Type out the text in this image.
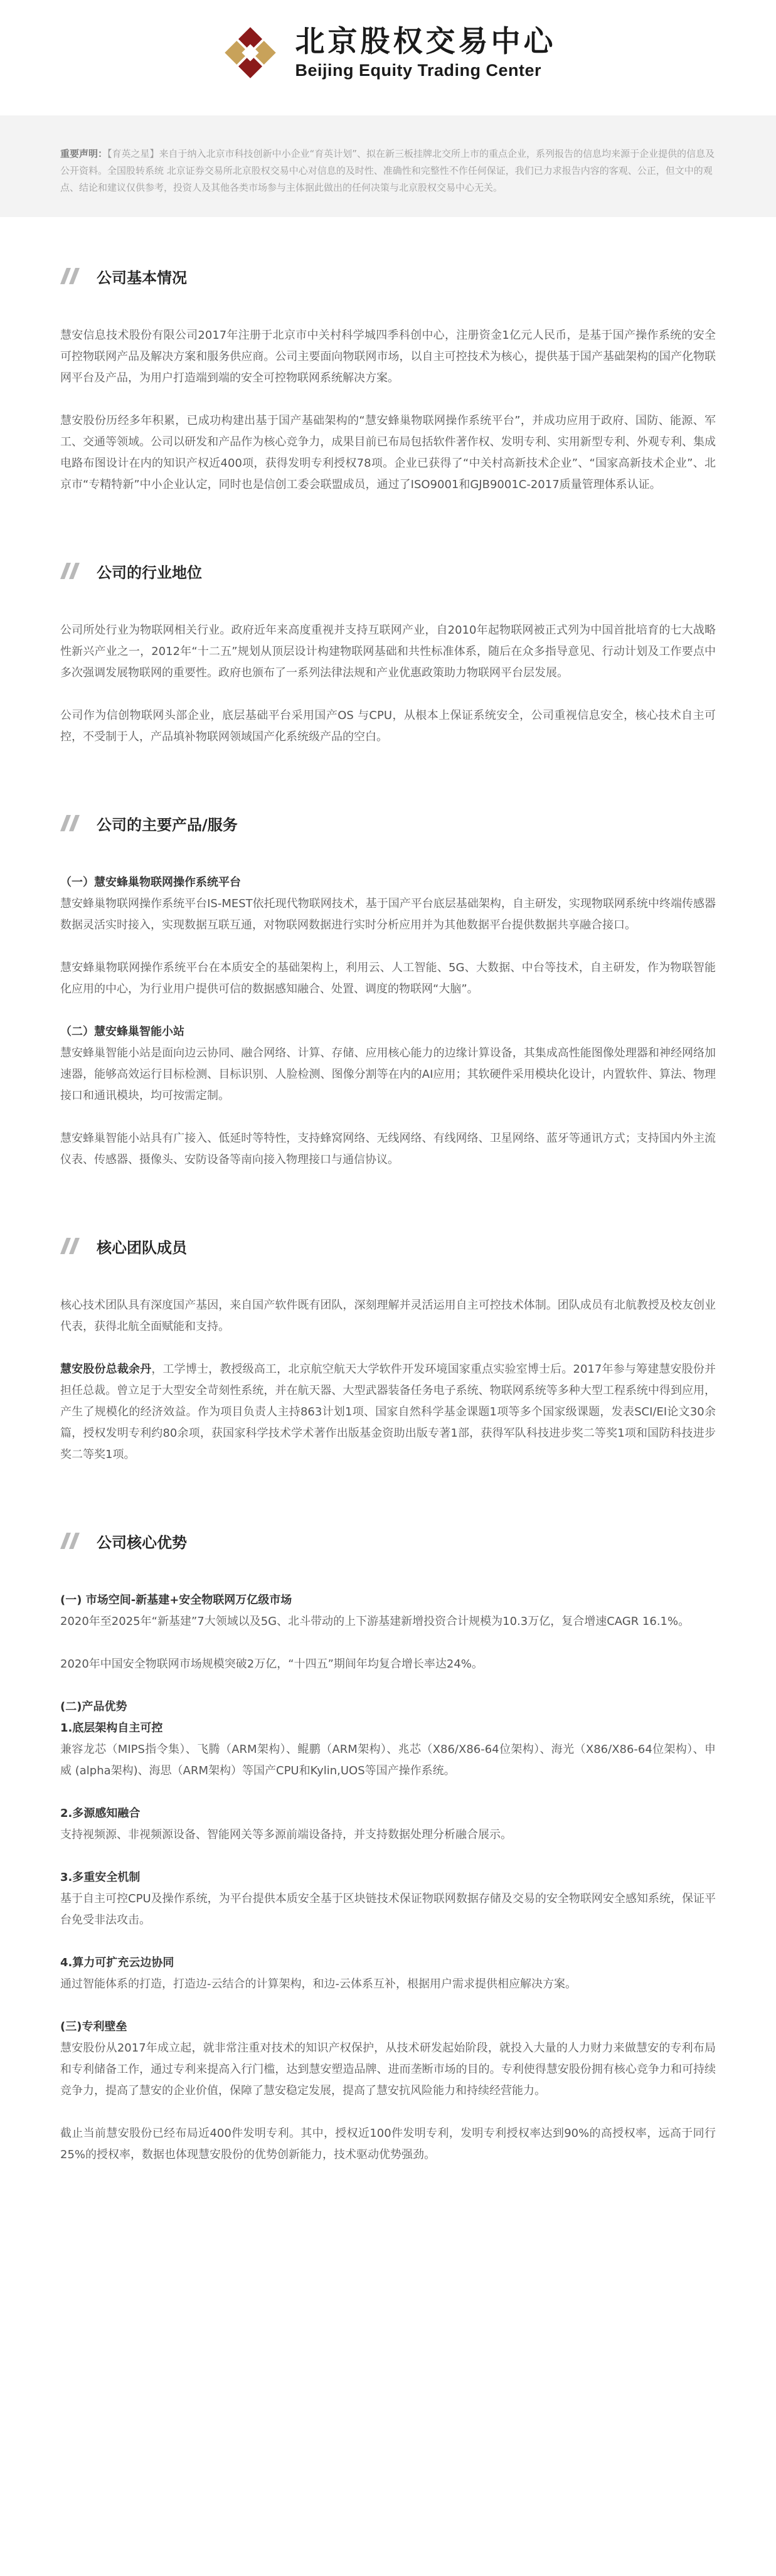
北京股权交易中心
Beijing Equity Trading Center

重要声明：【育英之星】来自于纳入北京市科技创新中小企业“育英计划”、拟在新三板挂牌北交所上市的重点企业，系列报告的信息均来源于企业提供的信息及公开资料。全国股转系统 北京证券交易所北京股权交易中心对信息的及时性、准确性和完整性不作任何保证，我们已力求报告内容的客观、公正，但文中的观点、结论和建议仅供参考，投资人及其他各类市场参与主体据此做出的任何决策与北京股权交易中心无关。

公司基本情况

慧安信息技术股份有限公司2017年注册于北京市中关村科学城四季科创中心，注册资金1亿元人民币，是基于国产操作系统的安全可控物联网产品及解决方案和服务供应商。公司主要面向物联网市场，以自主可控技术为核心，提供基于国产基础架构的国产化物联网平台及产品，为用户打造端到端的安全可控物联网系统解决方案。

慧安股份历经多年积累，已成功构建出基于国产基础架构的“慧安蜂巢物联网操作系统平台”，并成功应用于政府、国防、能源、军工、交通等领域。公司以研发和产品作为核心竞争力，成果目前已布局包括软件著作权、发明专利、实用新型专利、外观专利、集成电路布图设计在内的知识产权近400项，获得发明专利授权78项。企业已获得了“中关村高新技术企业”、“国家高新技术企业”、北京市“专精特新”中小企业认定，同时也是信创工委会联盟成员，通过了ISO9001和GJB9001C-2017质量管理体系认证。

公司的行业地位

公司所处行业为物联网相关行业。政府近年来高度重视并支持互联网产业，自2010年起物联网被正式列为中国首批培育的七大战略性新兴产业之一，2012年“十二五”规划从顶层设计构建物联网基础和共性标准体系，随后在众多指导意见、行动计划及工作要点中多次强调发展物联网的重要性。政府也颁布了一系列法律法规和产业优惠政策助力物联网平台层发展。

公司作为信创物联网头部企业，底层基础平台采用国产OS 与CPU，从根本上保证系统安全，公司重视信息安全，核心技术自主可控，不受制于人，产品填补物联网领域国产化系统级产品的空白。

公司的主要产品/服务

（一）慧安蜂巢物联网操作系统平台

慧安蜂巢物联网操作系统平台IS-MEST依托现代物联网技术，基于国产平台底层基础架构，自主研发，实现物联网系统中终端传感器数据灵活实时接入，实现数据互联互通，对物联网数据进行实时分析应用并为其他数据平台提供数据共享融合接口。

慧安蜂巢物联网操作系统平台在本质安全的基础架构上，利用云、人工智能、5G、大数据、中台等技术，自主研发，作为物联智能化应用的中心，为行业用户提供可信的数据感知融合、处置、调度的物联网“大脑”。

（二）慧安蜂巢智能小站

慧安蜂巢智能小站是面向边云协同、融合网络、计算、存储、应用核心能力的边缘计算设备，其集成高性能图像处理器和神经网络加速器，能够高效运行目标检测、目标识别、人脸检测、图像分割等在内的AI应用；其软硬件采用模块化设计，内置软件、算法、物理接口和通讯模块，均可按需定制。

慧安蜂巢智能小站具有广接入、低延时等特性，支持蜂窝网络、无线网络、有线网络、卫星网络、蓝牙等通讯方式；支持国内外主流仪表、传感器、摄像头、安防设备等南向接入物理接口与通信协议。

核心团队成员

核心技术团队具有深度国产基因，来自国产软件既有团队，深刻理解并灵活运用自主可控技术体制。团队成员有北航教授及校友创业代表，获得北航全面赋能和支持。

慧安股份总裁余丹，工学博士，教授级高工，北京航空航天大学软件开发环境国家重点实验室博士后。2017年参与筹建慧安股份并担任总裁。曾立足于大型安全苛刻性系统，并在航天器、大型武器装备任务电子系统、物联网系统等多种大型工程系统中得到应用，产生了规模化的经济效益。作为项目负责人主持863计划1项、国家自然科学基金课题1项等多个国家级课题，发表SCI/EI论文30余篇，授权发明专利约80余项，获国家科学技术学术著作出版基金资助出版专著1部，获得军队科技进步奖二等奖1项和国防科技进步奖二等奖1项。

公司核心优势

(一) 市场空间-新基建+安全物联网万亿级市场

2020年至2025年“新基建”7大领域以及5G、北斗带动的上下游基建新增投资合计规模为10.3万亿，复合增速CAGR 16.1%。

2020年中国安全物联网市场规模突破2万亿，“十四五”期间年均复合增长率达24%。

(二)产品优势

1.底层架构自主可控

兼容龙芯（MIPS指令集）、飞腾（ARM架构）、鲲鹏（ARM架构）、兆芯（X86/X86-64位架构）、海光（X86/X86-64位架构）、申威 (alpha架构)、海思（ARM架构）等国产CPU和Kylin,UOS等国产操作系统。

2.多源感知融合

支持视频源、非视频源设备、智能网关等多源前端设备持，并支持数据处理分析融合展示。

3.多重安全机制

基于自主可控CPU及操作系统，为平台提供本质安全基于区块链技术保证物联网数据存储及交易的安全物联网安全感知系统，保证平台免受非法攻击。

4.算力可扩充云边协同

通过智能体系的打造，打造边-云结合的计算架构，和边-云体系互补，根据用户需求提供相应解决方案。

(三)专利壁垒

慧安股份从2017年成立起，就非常注重对技术的知识产权保护，从技术研发起始阶段，就投入大量的人力财力来做慧安的专利布局和专利储备工作，通过专利来提高入行门槛，达到慧安塑造品牌、进而垄断市场的目的。专利使得慧安股份拥有核心竞争力和可持续竞争力，提高了慧安的企业价值，保障了慧安稳定发展，提高了慧安抗风险能力和持续经营能力。

截止当前慧安股份已经布局近400件发明专利。其中，授权近100件发明专利，发明专利授权率达到90%的高授权率，远高于同行25%的授权率，数据也体现慧安股份的优势创新能力，技术驱动优势强劲。
